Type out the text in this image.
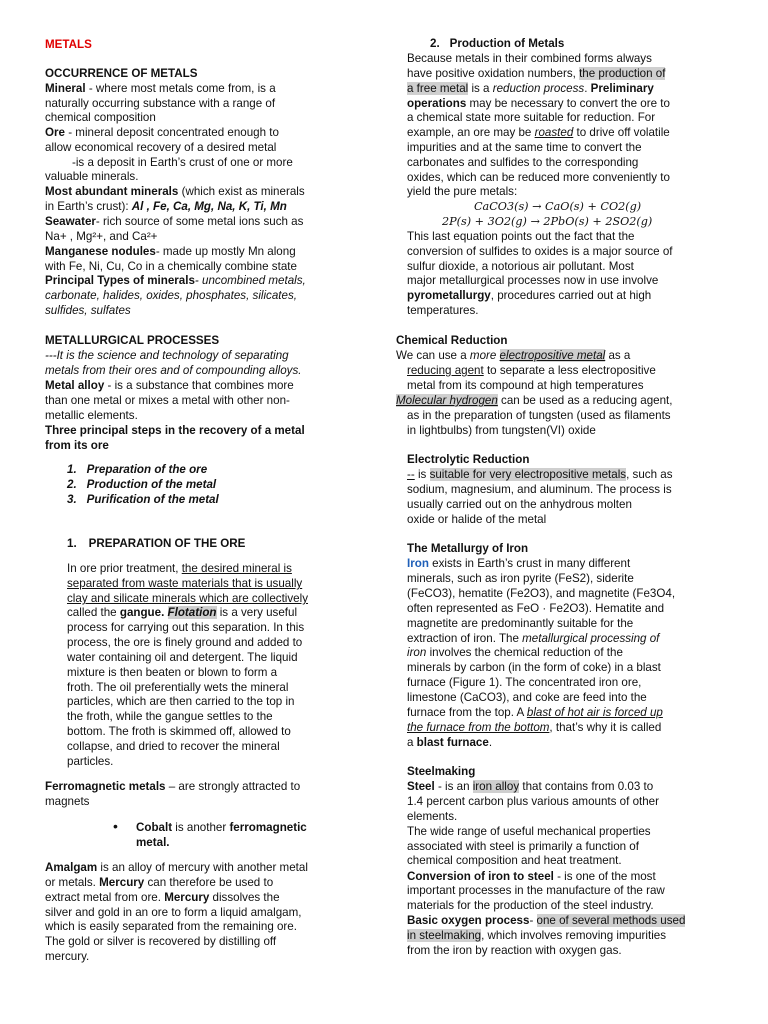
METALS
OCCURRENCE OF METALS
Mineral - where most metals come from, is a
naturally occurring substance with a range of
chemical composition
Ore - mineral deposit concentrated enough to
allow economical recovery of a desired metal
-is a deposit in Earth’s crust of one or more
valuable minerals.
Most abundant minerals (which exist as minerals
in Earth’s crust): Al , Fe, Ca, Mg, Na, K, Ti, Mn
Seawater- rich source of some metal ions such as
Na+ , Mg²+, and Ca²+
Manganese nodules- made up mostly Mn along
with Fe, Ni, Cu, Co in a chemically combine state
Principal Types of minerals- uncombined metals,
carbonate, halides, oxides, phosphates, silicates,
sulfides, sulfates
METALLURGICAL PROCESSES
---It is the science and technology of separating
metals from their ores and of compounding alloys.
Metal alloy - is a substance that combines more
than one metal or mixes a metal with other non-
metallic elements.
Three principal steps in the recovery of a metal
from its ore
1. Preparation of the ore
2. Production of the metal
3. Purification of the metal
1. PREPARATION OF THE ORE
In ore prior treatment, the desired mineral is
separated from waste materials that is usually
clay and silicate minerals which are collectively
called the gangue. Flotation is a very useful
process for carrying out this separation. In this
process, the ore is finely ground and added to
water containing oil and detergent. The liquid
mixture is then beaten or blown to form a
froth. The oil preferentially wets the mineral
particles, which are then carried to the top in
the froth, while the gangue settles to the
bottom. The froth is skimmed off, allowed to
collapse, and dried to recover the mineral
particles.
Ferromagnetic metals – are strongly attracted to
magnets
• Cobalt is another ferromagnetic
metal.
Amalgam is an alloy of mercury with another metal
or metals. Mercury can therefore be used to
extract metal from ore. Mercury dissolves the
silver and gold in an ore to form a liquid amalgam,
which is easily separated from the remaining ore.
The gold or silver is recovered by distilling off
mercury.
2. Production of Metals
Because metals in their combined forms always
have positive oxidation numbers, the production of
a free metal is a reduction process. Preliminary
operations may be necessary to convert the ore to
a chemical state more suitable for reduction. For
example, an ore may be roasted to drive off volatile
impurities and at the same time to convert the
carbonates and sulfides to the corresponding
oxides, which can be reduced more conveniently to
yield the pure metals:
CaCO3(s) → CaO(s) + CO2(g)
2P(s) + 3O2(g) → 2PbO(s) + 2SO2(g)
This last equation points out the fact that the
conversion of sulfides to oxides is a major source of
sulfur dioxide, a notorious air pollutant. Most
major metallurgical processes now in use involve
pyrometallurgy, procedures carried out at high
temperatures.
Chemical Reduction
We can use a more electropositive metal as a
reducing agent to separate a less electropositive
metal from its compound at high temperatures
Molecular hydrogen can be used as a reducing agent,
as in the preparation of tungsten (used as filaments
in lightbulbs) from tungsten(VI) oxide
Electrolytic Reduction
-- is suitable for very electropositive metals, such as
sodium, magnesium, and aluminum. The process is
usually carried out on the anhydrous molten
oxide or halide of the metal
The Metallurgy of Iron
Iron exists in Earth’s crust in many different
minerals, such as iron pyrite (FeS2), siderite
(FeCO3), hematite (Fe2O3), and magnetite (Fe3O4,
often represented as FeO · Fe2O3). Hematite and
magnetite are predominantly suitable for the
extraction of iron. The metallurgical processing of
iron involves the chemical reduction of the
minerals by carbon (in the form of coke) in a blast
furnace (Figure 1). The concentrated iron ore,
limestone (CaCO3), and coke are feed into the
furnace from the top. A blast of hot air is forced up
the furnace from the bottom, that’s why it is called
a blast furnace.
Steelmaking
Steel - is an iron alloy that contains from 0.03 to
1.4 percent carbon plus various amounts of other
elements.
The wide range of useful mechanical properties
associated with steel is primarily a function of
chemical composition and heat treatment.
Conversion of iron to steel - is one of the most
important processes in the manufacture of the raw
materials for the production of the steel industry.
Basic oxygen process- one of several methods used
in steelmaking, which involves removing impurities
from the iron by reaction with oxygen gas.
